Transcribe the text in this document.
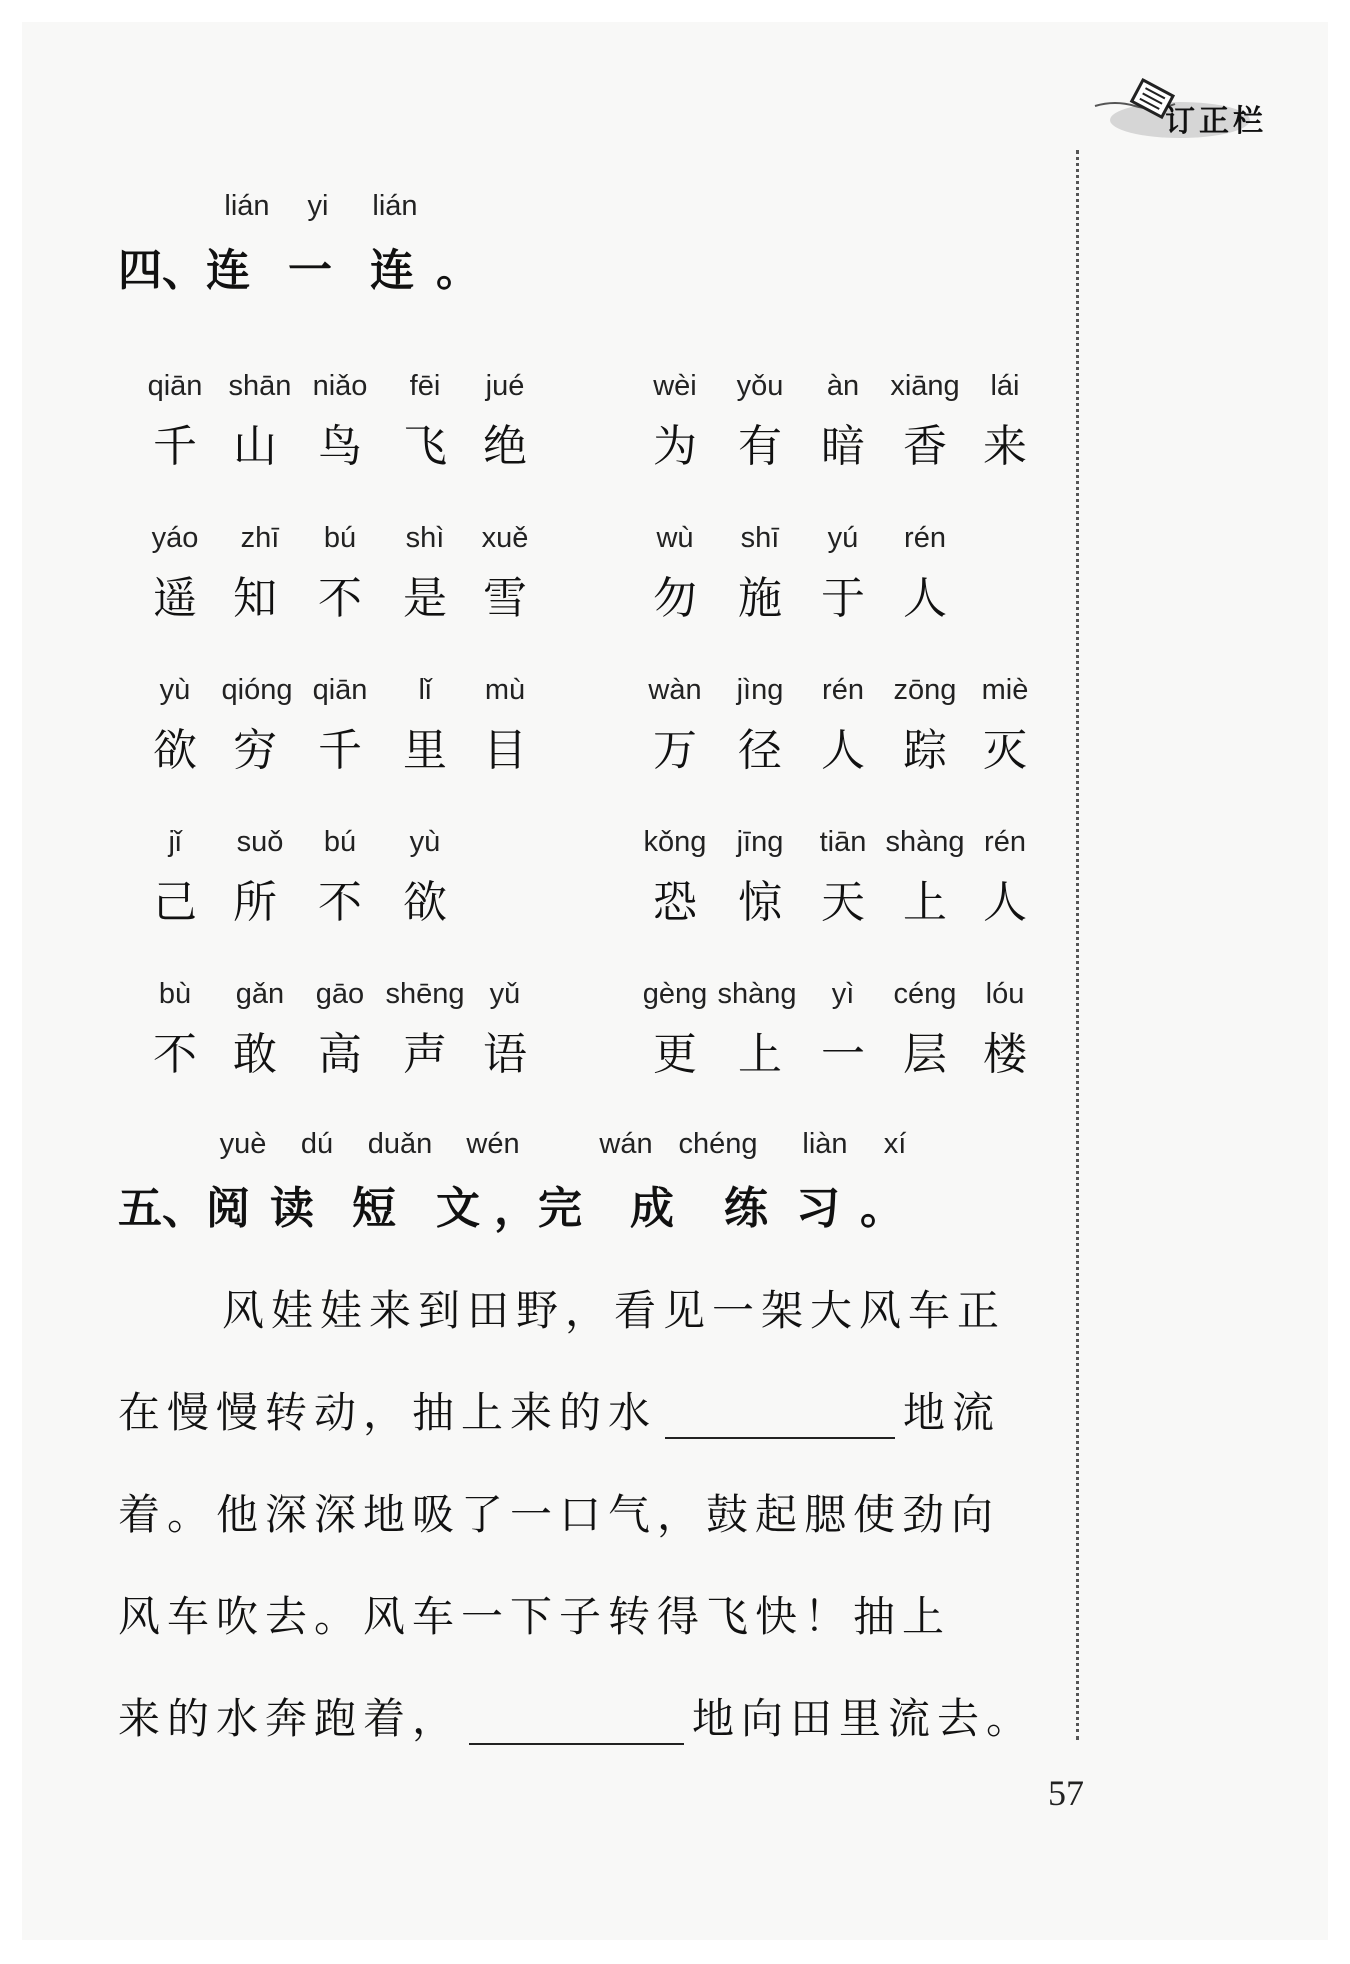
订正栏
lián	yi	lián
四、连 一 连 。
qiān shān niǎo	fēi	jué
千 山 鸟 飞 绝
wèi	yǒu	àn	xiāng	lái
为 有 暗 香 来
yáo	zhī	bú	shì	xuě
遥 知 不 是 雪
wù	shī	yú	rén
勿 施 于 人
yù	qióng qiān	lǐ	mù
欲 穷 千 里 目
wàn	jìng	rén	zōng miè
万 径 人 踪 灭
jǐ	suǒ	bú	yù
己 所 不 欲
kǒng	jīng	tiān shàng rén
恐 惊 天 上 人
bù	gǎn	gāo shēng yǔ
不 敢 高 声 语
gèng shàng	yì	céng	lóu
更 上 一 层 楼
yuè	dú	duǎn wén	wán chéng	liàn	xí
五、阅 读 短 文 ，完 成 练 习 。
风娃娃来到田野，看见一架大风车正
在慢慢转动，抽上来的水	地流
着。他深深地吸了一口气，鼓起腮使劲向
风车吹去。风车一下子转得飞快！抽上
来的水奔跑着，	地向田里流去。
57
